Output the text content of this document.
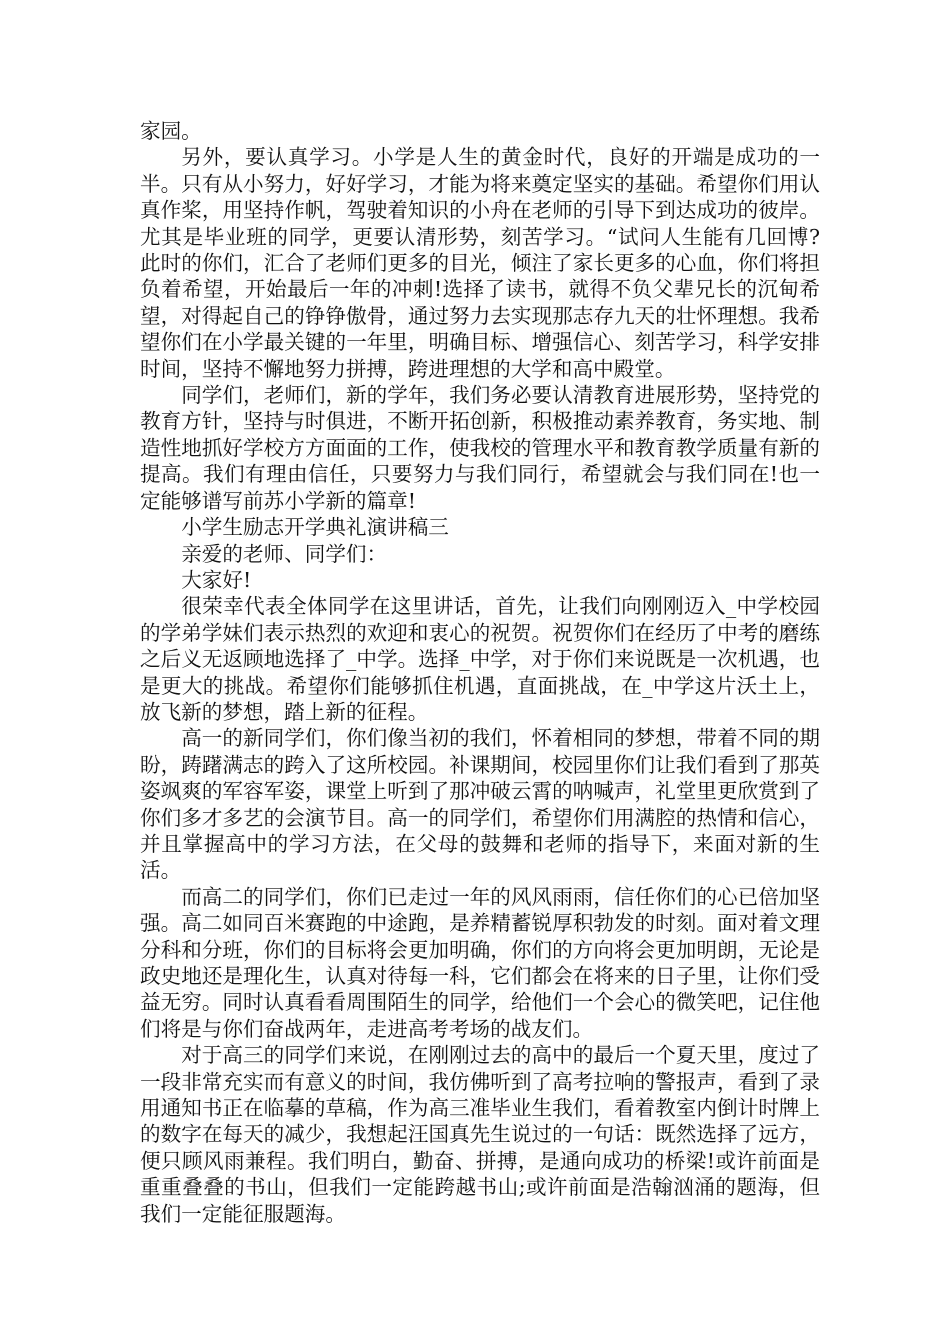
家园。

另外，要认真学习。小学是人生的黄金时代，良好的开端是成功的一半。只有从小努力，好好学习，才能为将来奠定坚实的基础。希望你们用认真作桨，用坚持作帆，驾驶着知识的小舟在老师的引导下到达成功的彼岸。尤其是毕业班的同学，更要认清形势，刻苦学习。“试问人生能有几回博?此时的你们，汇合了老师们更多的目光，倾注了家长更多的心血，你们将担负着希望，开始最后一年的冲刺!选择了读书，就得不负父辈兄长的沉甸希望，对得起自己的铮铮傲骨，通过努力去实现那志存九天的壮怀理想。我希望你们在小学最关键的一年里，明确目标、增强信心、刻苦学习，科学安排时间，坚持不懈地努力拼搏，跨进理想的大学和高中殿堂。

同学们，老师们，新的学年，我们务必要认清教育进展形势，坚持党的教育方针，坚持与时俱进，不断开拓创新，积极推动素养教育，务实地、制造性地抓好学校方方面面的工作，使我校的管理水平和教育教学质量有新的提高。我们有理由信任，只要努力与我们同行，希望就会与我们同在!也一定能够谱写前苏小学新的篇章!

小学生励志开学典礼演讲稿三

亲爱的老师、同学们：

大家好!

很荣幸代表全体同学在这里讲话，首先，让我们向刚刚迈入_中学校园的学弟学妹们表示热烈的欢迎和衷心的祝贺。祝贺你们在经历了中考的磨练之后义无返顾地选择了_中学。选择_中学，对于你们来说既是一次机遇，也是更大的挑战。希望你们能够抓住机遇，直面挑战，在_中学这片沃土上，放飞新的梦想，踏上新的征程。

高一的新同学们，你们像当初的我们，怀着相同的梦想，带着不同的期盼，踌躇满志的跨入了这所校园。补课期间，校园里你们让我们看到了那英姿飒爽的军容军姿，课堂上听到了那冲破云霄的呐喊声，礼堂里更欣赏到了你们多才多艺的会演节目。高一的同学们，希望你们用满腔的热情和信心，并且掌握高中的学习方法，在父母的鼓舞和老师的指导下，来面对新的生活。

而高二的同学们，你们已走过一年的风风雨雨，信任你们的心已倍加坚强。高二如同百米赛跑的中途跑，是养精蓄锐厚积勃发的时刻。面对着文理分科和分班，你们的目标将会更加明确，你们的方向将会更加明朗，无论是政史地还是理化生，认真对待每一科，它们都会在将来的日子里，让你们受益无穷。同时认真看看周围陌生的同学，给他们一个会心的微笑吧，记住他们将是与你们奋战两年，走进高考考场的战友们。

对于高三的同学们来说，在刚刚过去的高中的最后一个夏天里，度过了一段非常充实而有意义的时间，我仿佛听到了高考拉响的警报声，看到了录用通知书正在临摹的草稿，作为高三准毕业生我们，看着教室内倒计时牌上的数字在每天的减少，我想起汪国真先生说过的一句话：既然选择了远方，便只顾风雨兼程。我们明白，勤奋、拼搏，是通向成功的桥梁!或许前面是重重叠叠的书山，但我们一定能跨越书山;或许前面是浩翰汹涌的题海，但我们一定能征服题海。
